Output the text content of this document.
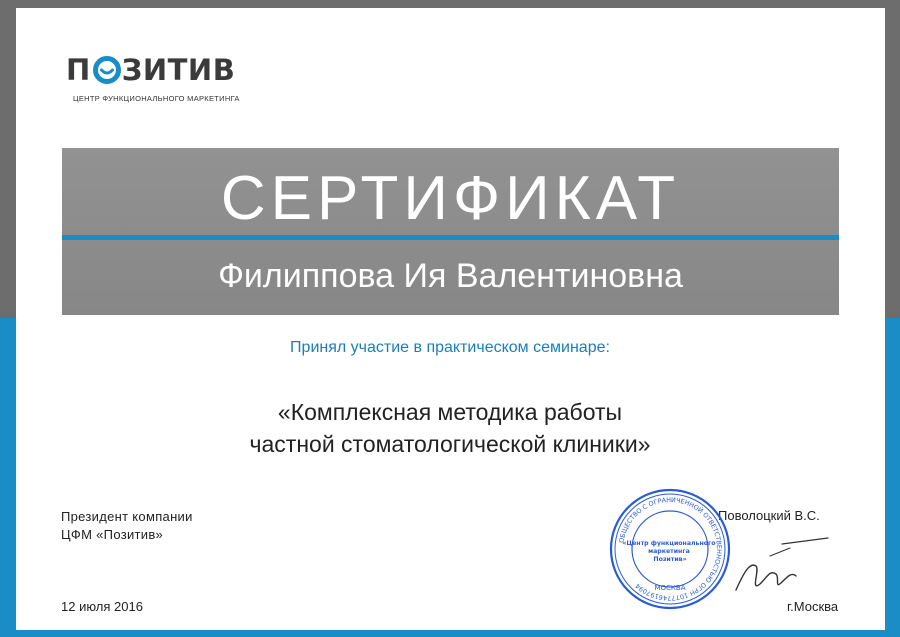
П ЗИТИВ
ЦЕНТР ФУНКЦИОНАЛЬНОГО МАРКЕТИНГА
СЕРТИФИКАТ
Филиппова Ия Валентиновна
Принял участие в практическом семинаре:
«Комплексная методика работы
частной стоматологической клиники»
Президент компании
ЦФМ «Позитив»
Поволоцкий В.С.
ОБЩЕСТВО С ОГРАНИЧЕННОЙ ОТВЕТСТВЕННОСТЬЮ ОГРН 1077746197094
«Центр функционального маркетинга Позитив»
МОСКВА
12 июля 2016	г.Москва
